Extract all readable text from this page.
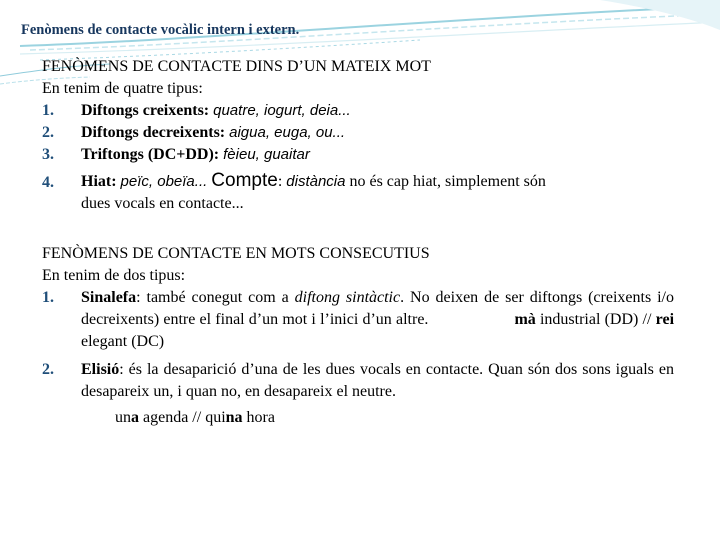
Fenòmens de contacte vocàlic intern i extern.
FENÒMENS DE CONTACTE DINS D’UN MATEIX MOT
En tenim de quatre tipus:
1. Diftongs creixents: quatre, iogurt, deia...
2. Diftongs decreixents: aigua, euga, ou...
3. Triftongs (DC+DD): fèieu, guaitar
4.	Hiat: peïc, obeïa... Compte: distància no és cap hiat, simplement són
dues vocals en contacte...
FENÒMENS DE CONTACTE EN MOTS CONSECUTIUS
En tenim de dos tipus:
1.	Sinalefa: també conegut com a diftong sintàctic. No deixen de ser diftongs (creixents i/o decreixents) entre el final d’un mot i l’inici d’un altre.	mà industrial (DD) // rei elegant (DC)
2.	Elisió: és la desaparició d’una de les dues vocals en contacte. Quan són dos sons iguals en desapareix un, i quan no, en desapareix el neutre.
una agenda // quina hora
